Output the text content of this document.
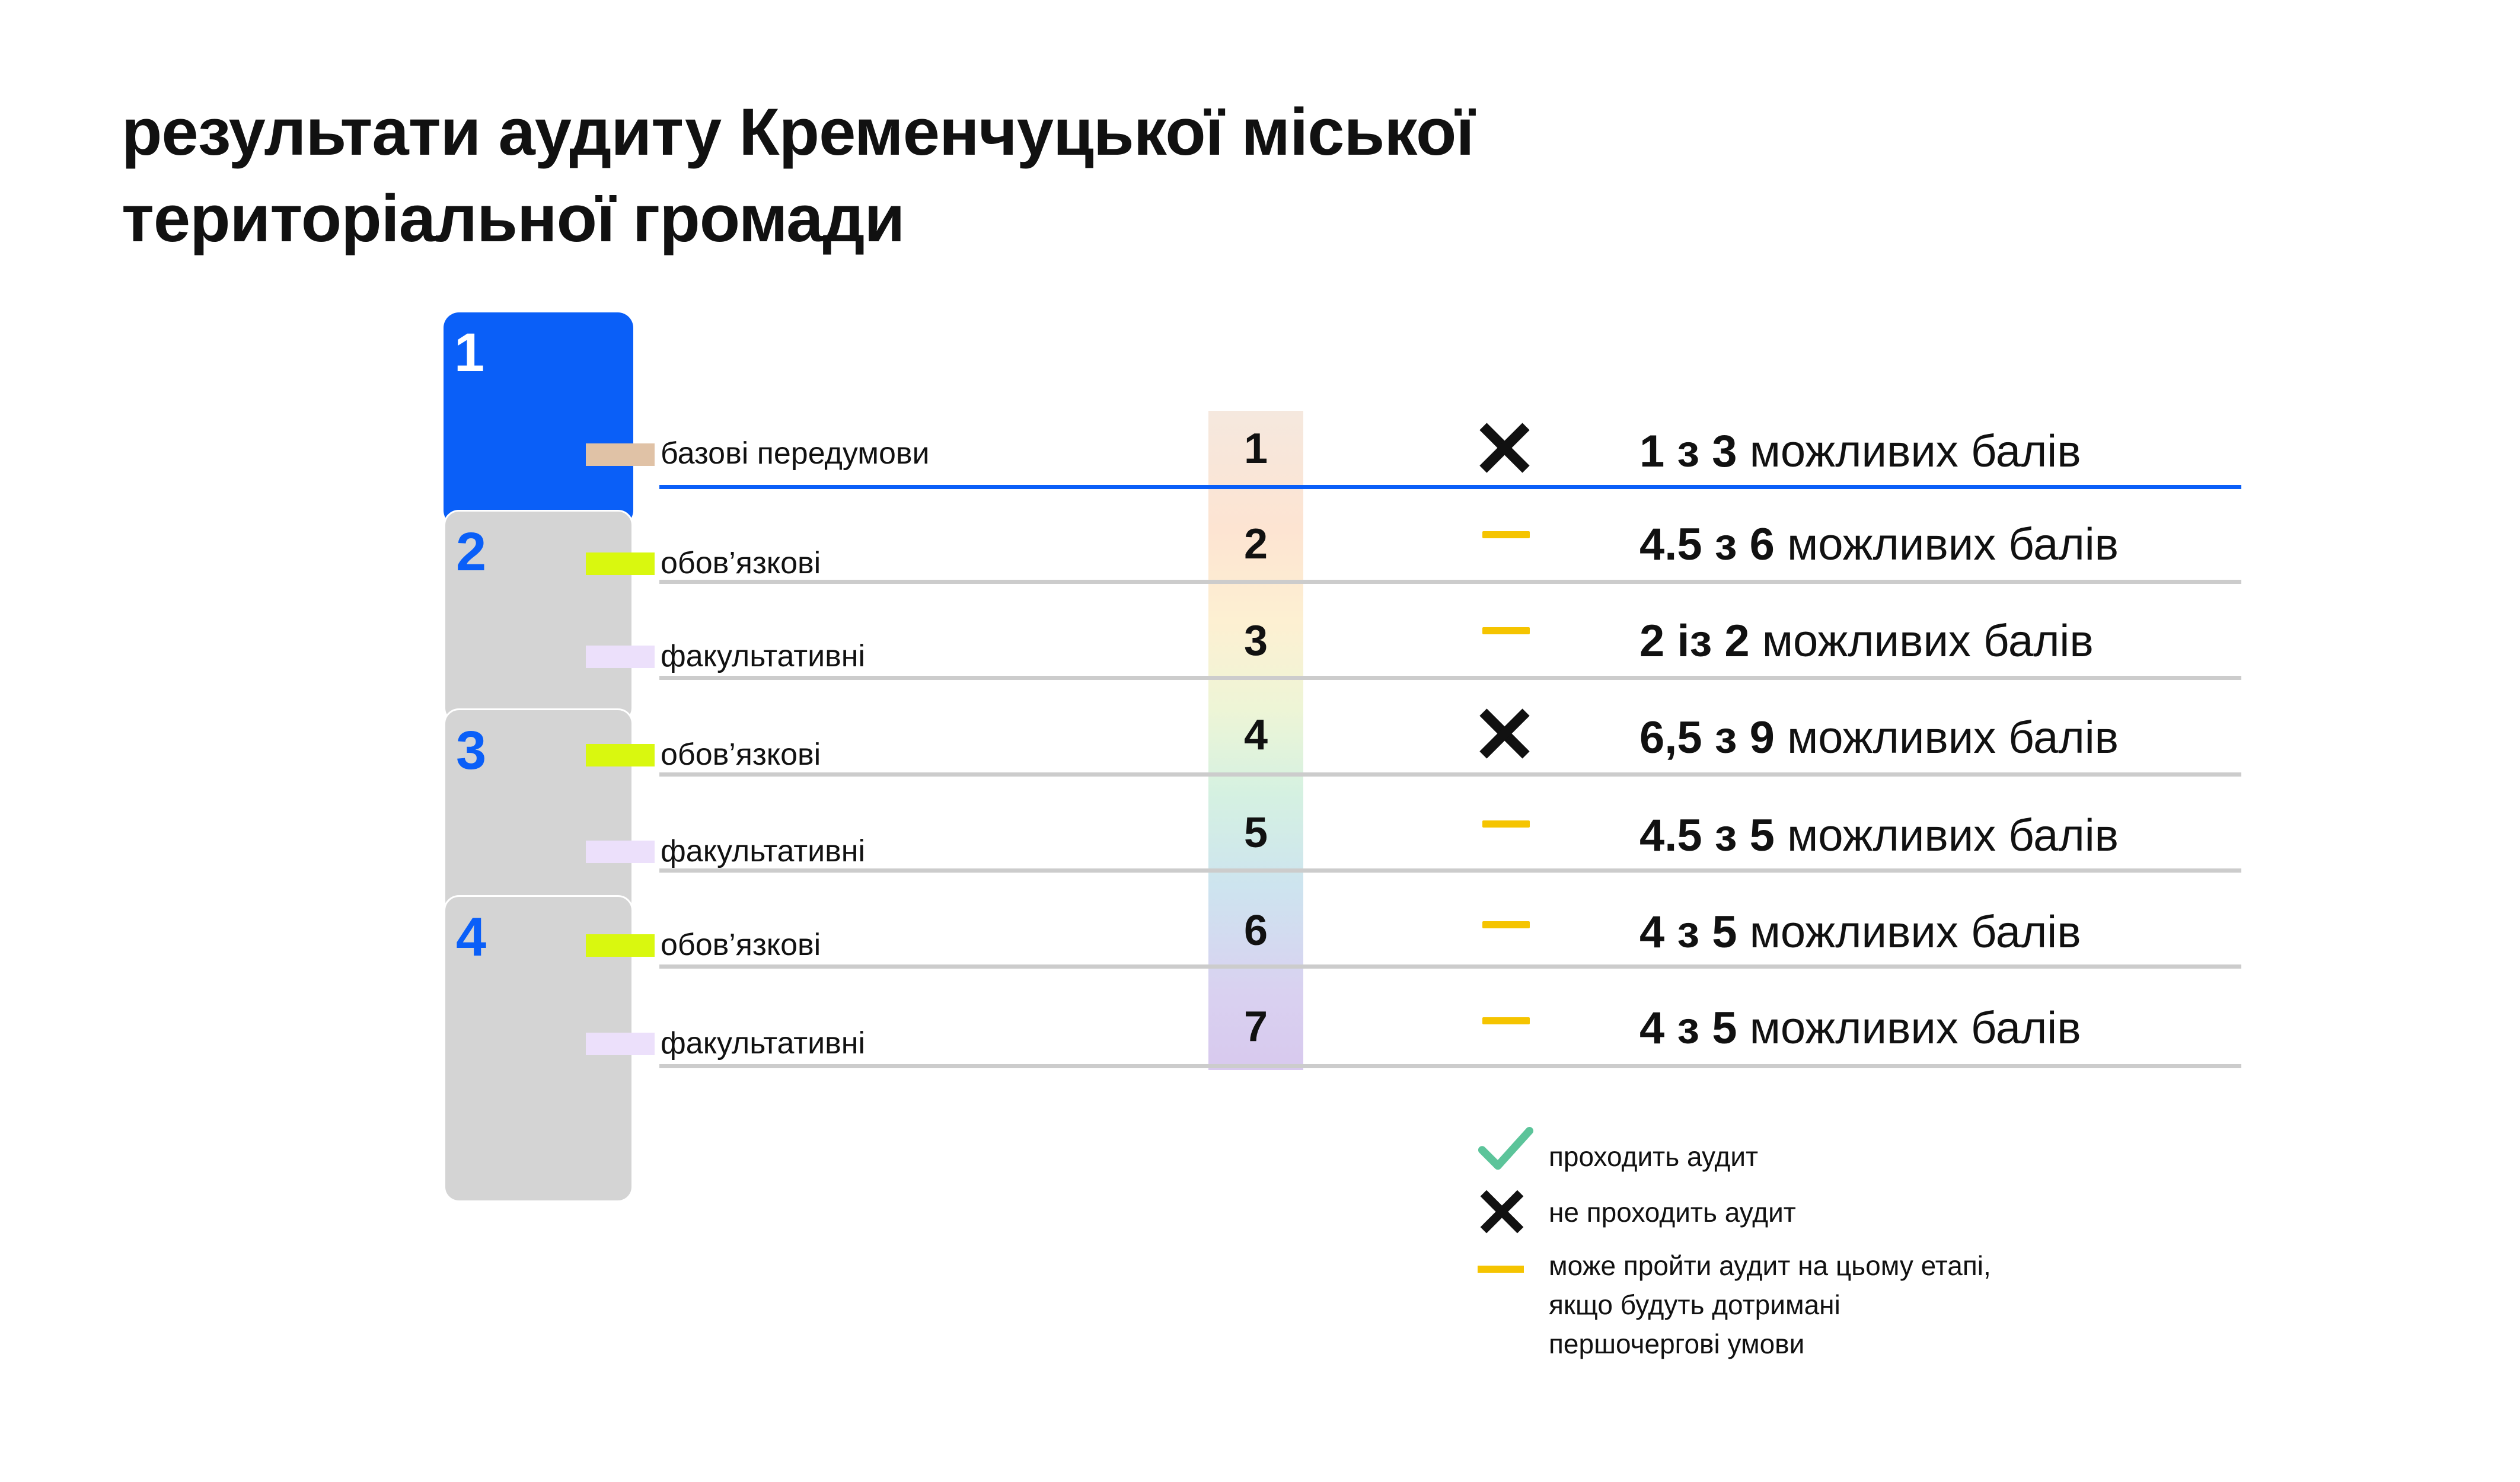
результати аудиту Кременчуцької міської
територіальної громади
1
2
3
4
базові передумови	1	1 з 3 можливих балів
обов’язкові	2	4.5 з 6 можливих балів
факультативні	3	2 із 2 можливих балів
обов’язкові	4	6,5 з 9 можливих балів
факультативні	5	4.5 з 5 можливих балів
обов’язкові	6	4 з 5 можливих балів
факультативні	7	4 з 5 можливих балів
проходить аудит
не проходить аудит
може пройти аудит на цьому етапі,
якщо будуть дотримані
першочергові умови
